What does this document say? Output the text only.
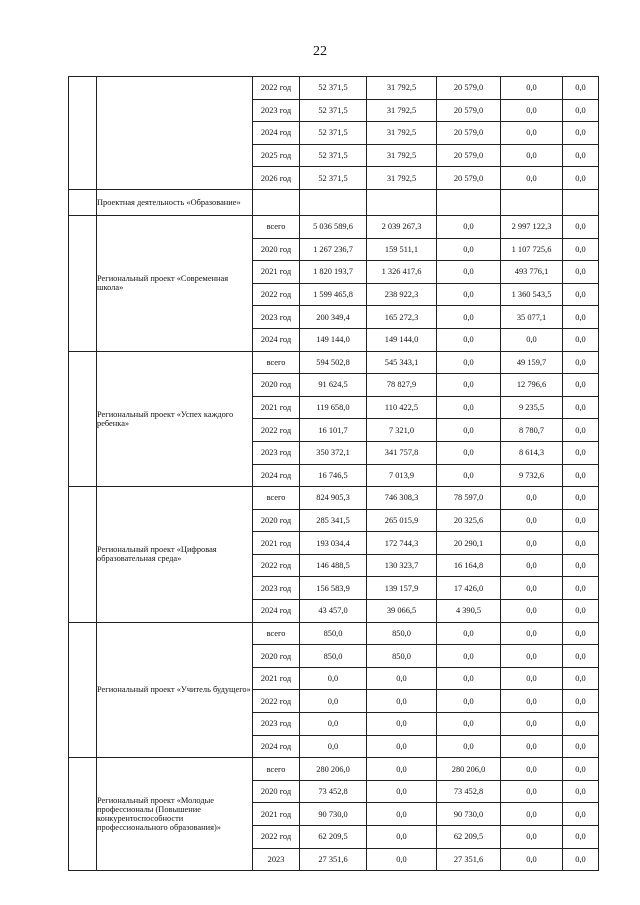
22
		2022 год	52 371,5	31 792,5	20 579,0	0,0	0,0
		2023 год	52 371,5	31 792,5	20 579,0	0,0	0,0
		2024 год	52 371,5	31 792,5	20 579,0	0,0	0,0
		2025 год	52 371,5	31 792,5	20 579,0	0,0	0,0
		2026 год	52 371,5	31 792,5	20 579,0	0,0	0,0
	Проектная деятельность «Образование»						
	Региональный проект «Современная школа»	всего	5 036 589,6	2 039 267,3	0,0	2 997 122,3	0,0
		2020 год	1 267 236,7	159 511,1	0,0	1 107 725,6	0,0
		2021 год	1 820 193,7	1 326 417,6	0,0	493 776,1	0,0
		2022 год	1 599 465,8	238 922,3	0,0	1 360 543,5	0,0
		2023 год	200 349,4	165 272,3	0,0	35 077,1	0,0
		2024 год	149 144,0	149 144,0	0,0	0,0	0,0
	Региональный проект «Успех каждого ребенка»	всего	594 502,8	545 343,1	0,0	49 159,7	0,0
		2020 год	91 624,5	78 827,9	0,0	12 796,6	0,0
		2021 год	119 658,0	110 422,5	0,0	9 235,5	0,0
		2022 год	16 101,7	7 321,0	0,0	8 780,7	0,0
		2023 год	350 372,1	341 757,8	0,0	8 614,3	0,0
		2024 год	16 746,5	7 013,9	0,0	9 732,6	0,0
	Региональный проект «Цифровая образовательная среда»	всего	824 905,3	746 308,3	78 597,0	0,0	0,0
		2020 год	285 341,5	265 015,9	20 325,6	0,0	0,0
		2021 год	193 034,4	172 744,3	20 290,1	0,0	0,0
		2022 год	146 488,5	130 323,7	16 164,8	0,0	0,0
		2023 год	156 583,9	139 157,9	17 426,0	0,0	0,0
		2024 год	43 457,0	39 066,5	4 390,5	0,0	0,0
	Региональный проект «Учитель будущего»	всего	850,0	850,0	0,0	0,0	0,0
		2020 год	850,0	850,0	0,0	0,0	0,0
		2021 год	0,0	0,0	0,0	0,0	0,0
		2022 год	0,0	0,0	0,0	0,0	0,0
		2023 год	0,0	0,0	0,0	0,0	0,0
		2024 год	0,0	0,0	0,0	0,0	0,0
	Региональный проект «Молодые профессионалы (Повышение конкурентоспособности профессионального образования)»	всего	280 206,0	0,0	280 206,0	0,0	0,0
		2020 год	73 452,8	0,0	73 452,8	0,0	0,0
		2021 год	90 730,0	0,0	90 730,0	0,0	0,0
		2022 год	62 209,5	0,0	62 209,5	0,0	0,0
		2023	27 351,6	0,0	27 351,6	0,0	0,0
